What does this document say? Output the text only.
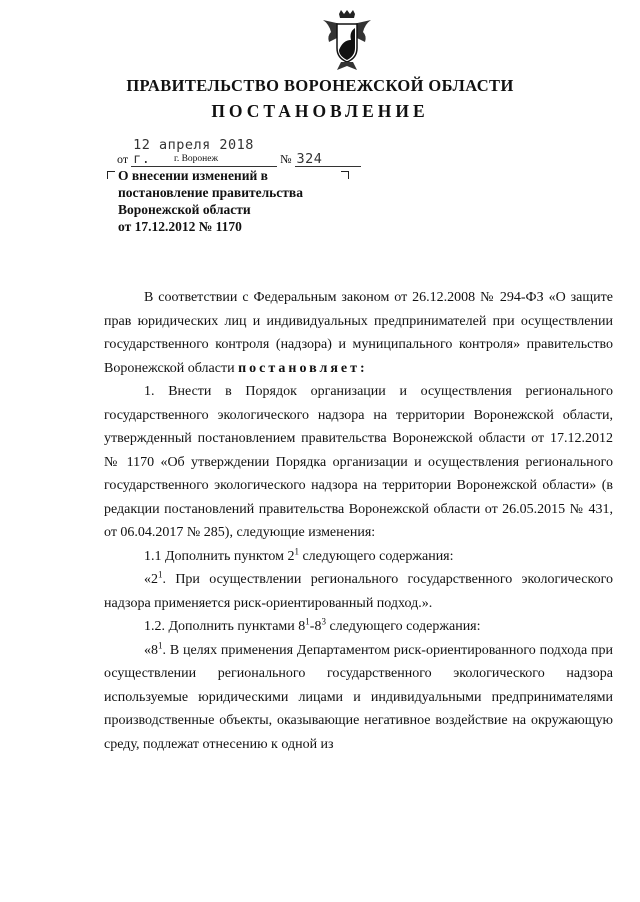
ПРАВИТЕЛЬСТВО ВОРОНЕЖСКОЙ ОБЛАСТИ
ПОСТАНОВЛЕНИЕ
от 12 апреля 2018 г.	№ 324
г. Воронеж
О внесении изменений в
постановление правительства
Воронежской области
от 17.12.2012 № 1170

В соответствии с Федеральным законом от 26.12.2008 № 294-ФЗ «О защите прав юридических лиц и индивидуальных предпринимателей при осуществлении государственного контроля (надзора) и муниципального контроля» правительство Воронежской области постановляет:

1. Внести в Порядок организации и осуществления регионального государственного экологического надзора на территории Воронежской области, утвержденный постановлением правительства Воронежской области от 17.12.2012 № 1170 «Об утверждении Порядка организации и осуществления регионального государственного экологического надзора на территории Воронежской области» (в редакции постановлений правительства Воронежской области от 26.05.2015 № 431, от 06.04.2017 № 285), следующие изменения:

1.1 Дополнить пунктом $2^1$ следующего содержания:

«$2^1$. При осуществлении регионального государственного экологического надзора применяется риск-ориентированный подход.».

1.2. Дополнить пунктами $8^1-8^3$ следующего содержания:

«$8^1$. В целях применения Департаментом риск-ориентированного подхода при осуществлении регионального государственного экологического надзора используемые юридическими лицами и индивидуальными предпринимателями производственные объекты, оказывающие негативное воздействие на окружающую среду, подлежат отнесению к одной из
